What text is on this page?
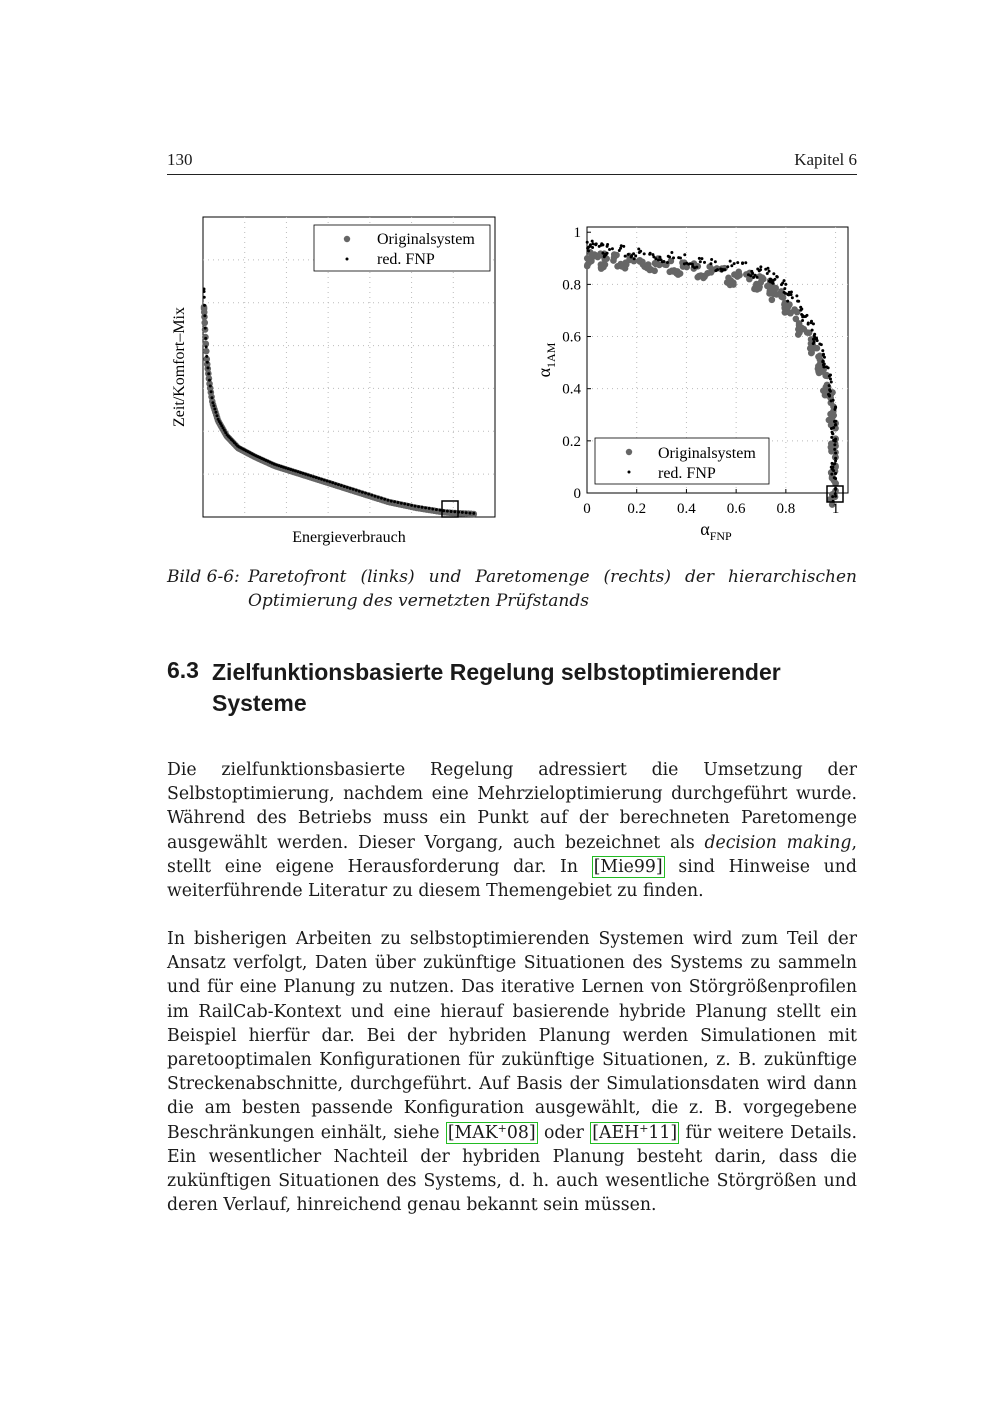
130	Kapitel 6
Originalsystem
red. FNP
Zeit/Komfort–Mix
Energieverbrauch
0
0
0.2
0.2
0.4
0.4
0.6
0.6
0.8
0.8
1
1
Originalsystem
red. FNP
$\alpha_{1AM}$
$\alpha_{FNP}$
Bild 6-6: Paretofront (links) und Paretomenge (rechts) der hierarchischen Optimierung des vernetzten Prüfstands
6.3 Zielfunktionsbasierte Regelung selbstoptimierender Systeme
Die zielfunktionsbasierte Regelung adressiert die Umsetzung der Selbstoptimierung, nachdem eine Mehrzieloptimierung durchgeführt wurde. Während des Betriebs muss ein Punkt auf der berechneten Paretomenge ausgewählt werden. Dieser Vorgang, auch bezeichnet als decision making, stellt eine eigene Herausforderung dar. In [Mie99] sind Hinweise und weiterführende Literatur zu diesem Themengebiet zu finden.
In bisherigen Arbeiten zu selbstoptimierenden Systemen wird zum Teil der Ansatz verfolgt, Daten über zukünftige Situationen des Systems zu sammeln und für eine Planung zu nutzen. Das iterative Lernen von Störgrößenprofilen im RailCab-Kontext und eine hierauf basierende hybride Planung stellt ein Beispiel hierfür dar. Bei der hybriden Planung werden Simulationen mit paretooptimalen Konfigurationen für zukünftige Situationen, z. B. zukünftige Streckenabschnitte, durchgeführt. Auf Basis der Simulationsdaten wird dann die am besten passende Konfiguration ausgewählt, die z. B. vorgegebene Beschränkungen einhält, siehe [MAK+08] oder [AEH+11] für weitere Details. Ein wesentlicher Nachteil der hybriden Planung besteht darin, dass die zukünftigen Situationen des Systems, d. h. auch wesentliche Störgrößen und deren Verlauf, hinreichend genau bekannt sein müssen.
